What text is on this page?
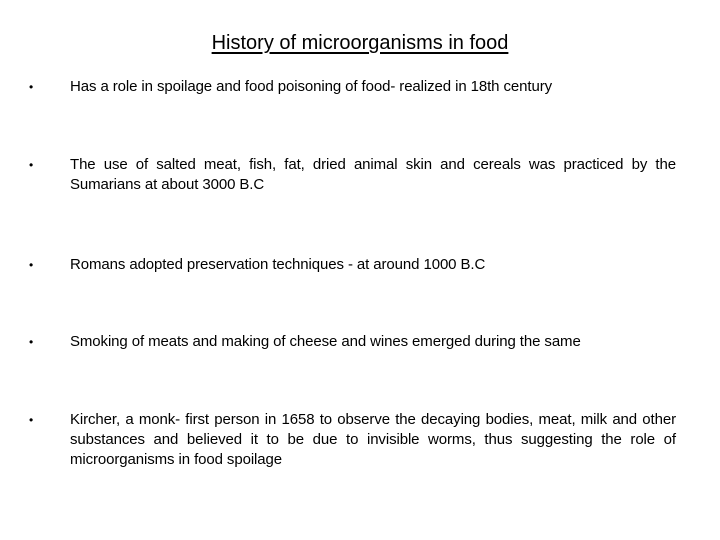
History of microorganisms in food
• Has a role in spoilage and food poisoning of food- realized in 18th century
• The use of salted meat, fish, fat, dried animal skin and cereals was practiced by the Sumarians at about 3000 B.C
• Romans adopted preservation techniques - at around 1000 B.C
• Smoking of meats and making of cheese and wines emerged during the same
• Kircher, a monk- first person in 1658 to observe the decaying bodies, meat, milk and other substances and believed it to be due to invisible worms, thus suggesting the role of microorganisms in food spoilage
